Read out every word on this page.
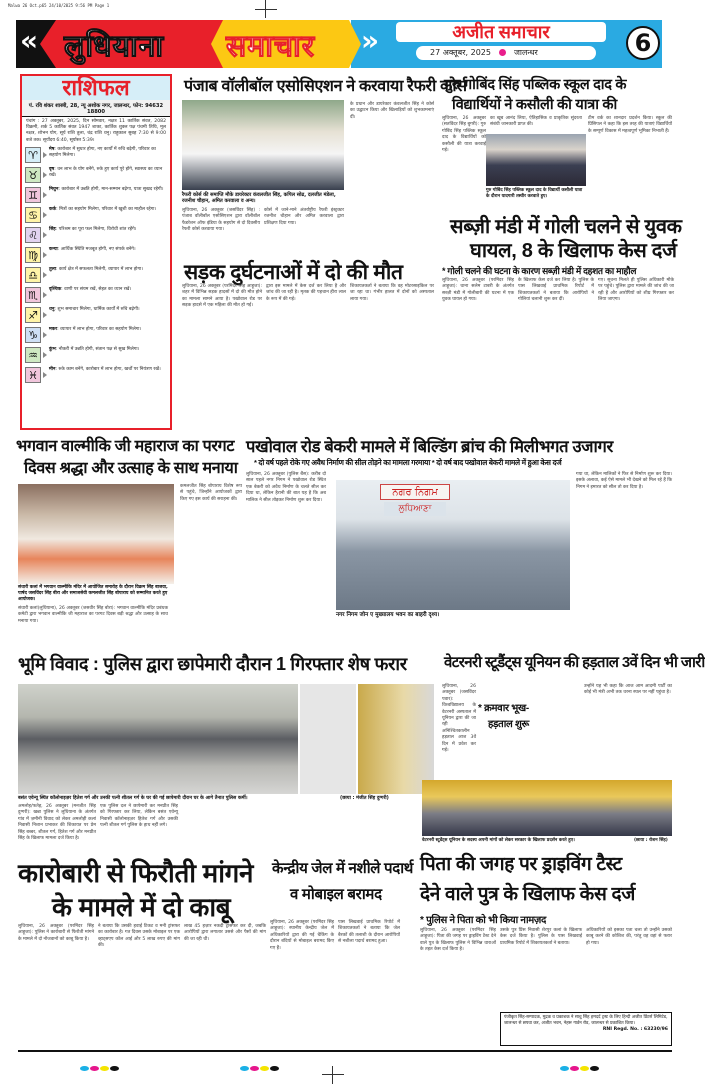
Malwa 26 Oct.p65 24/10/2025 9:56 PM Page 1
« लुधियाना समाचार »	अजीत समाचार
27 अक्तूबर, 2025	जालन्धर	6
राशिफल
पं. रवि शंकर शास्त्री, 28, न्यू अशोक नगर, जालन्धर, फोन: 94632 18800
पंचांग : 27 अक्तूबर, 2025, दिन सोमवार, नक्षत्र 11 कार्तिक संवत, 2082 विक्रमी, शर्क 5 कार्तिक संवत 1947 शाका, कार्तिक शुक्ल पक्ष पंचमी तिथि, मूल नक्षत्र, शोभन योग, सूर्य राशि तुला, चंद्र राशि धनु। राहुकाल सुबह 7:30 से 9:00 बजे तक। सूर्योदय 6:40, सूर्यास्त 5:39।
♈	मेष: कारोबार में सुधार होगा, नए कार्यों में रुचि बढ़ेगी, परिवार का सहयोग मिलेगा।
♉	वृष: धन लाभ के योग बनेंगे, रुके हुए कार्य पूरे होंगे, स्वास्थ्य का ध्यान रखें।
♊	मिथुन: कारोबार में उन्नति होगी, मान-सम्मान बढ़ेगा, यात्रा सुखद रहेगी।
♋	कर्क: मित्रों का सहयोग मिलेगा, परिवार में खुशी का माहौल रहेगा।
♌	सिंह: परिश्रम का पूरा फल मिलेगा, विरोधी शांत रहेंगे।
♍	कन्या: आर्थिक स्थिति मजबूत होगी, नए संपर्क बनेंगे।
♎	तुला: कार्य क्षेत्र में सफलता मिलेगी, व्यापार में लाभ होगा।
♏	वृश्चिक: वाणी पर संयम रखें, सेहत का ध्यान रखें।
♐	धनु: शुभ समाचार मिलेगा, धार्मिक कार्यों में रुचि बढ़ेगी।
♑	मकर: व्यापार में लाभ होगा, परिवार का सहयोग मिलेगा।
♒	कुंभ: नौकरी में उन्नति होगी, संतान पक्ष से सुख मिलेगा।
♓	मीन: रुके काम बनेंगे, कारोबार में लाभ होगा, खर्चों पर नियंत्रण रखें।
पंजाब वॉलीबॉल एसोसिएशन ने करवाया रैफरी कोर्स
रैफरी कोर्स की समाप्ति मौके डायरेक्टर कंवलजीत सिंह, कपिल सोढ, दलजीत मंडेला, रजनीश चौहान, अमित करवाला व अन्य।
लुधियाना, 26 अक्तूबर (जसविंदर सिंह) : पंजाब वॉलीबॉल एसोसिएशन द्वारा वॉलीबॉल फैडरेशन ऑफ इंडिया के सहयोग से दो दिवसीय रैफरी कोर्स करवाया गया।
कोर्स में जाने-माने अंतर्राष्ट्रीय रैफरी इंस्ट्रक्टर रजनीश चौहान और अमित करवाला द्वारा प्रशिक्षण दिया गया।
के प्रधान और डायरेक्टर कंवलजीत सिंह ने कोर्स का उद्घाटन किया और खिलाड़ियों को शुभकामनाएं दीं।
गुरु गोबिंद सिंह पब्लिक स्कूल दाद के
विद्यार्थियों ने कसौली की यात्रा की
लुधियाना, 26 अक्तूबर (सतविंदर सिंह बुगरी): गुरु गोबिंद सिंह पब्लिक स्कूल दाद के विद्यार्थियों को कसौली की यात्रा करवाई गई।
का खूब आनंद लिया, ऐतिहासिक व प्राकृतिक सुंदरता संबंधी जानकारी प्राप्त की।
गुरु गोबिंद सिंह पब्लिक स्कूल दाद के विद्यार्थी कसौली यात्रा के दौरान यादगारी तस्वीर करवाते हुए।
टीम वर्क का शानदार प्रदर्शन किया। स्कूल की प्रिंसिपल ने कहा कि इस तरह की यात्राएं विद्यार्थियों के सम्पूर्ण विकास में महत्वपूर्ण भूमिका निभाती हैं।
सब्ज़ी मंडी में गोली चलने से युवक
घायल, 8 के खिलाफ केस दर्ज
* गोली चलने की घटना के कारण सब्ज़ी मंडी में दहशत का माहौल
लुधियाना, 26 अक्तूबर (परमिंदर सिंह आहूजा): थाना सलेम टाबरी के अंतर्गत सब्ज़ी मंडी में गोलीबारी की घटना में एक युवक घायल हो गया।
के खिलाफ केस दर्ज कर लिया है। पुलिस के पास लिखवाई प्राथमिक रिपोर्ट में शिकायतकर्ता ने बताया कि आरोपियों ने गोलियां चलानी शुरू कर दीं।
गए। सूचना मिलते ही पुलिस अधिकारी मौके पर पहुंचे। पुलिस द्वारा मामले की जांच की जा रही है और आरोपियों को शीघ्र गिरफ्तार कर लिया जाएगा।
सड़क दुर्घटनाओं में दो की मौत
लुधियाना, 26 अक्तूबर (परमिंदर सिंह आहूजा): शहर में विभिन्न सड़क हादसों में दो की मौत होने का मामला सामने आया है। पखोवाल रोड पर सड़क हादसे में एक महिला की मौत हो गई।
द्वारा इस मामले में केस दर्ज कर लिया है और जांच की जा रही है। मृतक की पहचान हीरा लाल के रूप में की गई।
शिकायतकर्ता ने बताया कि वह मोटरसाइकिल पर जा रहा था। गंभीर हालत में दोनों को अस्पताल लाया गया।
भगवान वाल्मीकि जी महाराज का परगट
दिवस श्रद्धा और उत्साह के साथ मनाया
संधारी कलां में भगवान वाल्मीकि मंदिर में आयोजित समारोह के दौरान विक्रम सिंह बाजवा, पार्षद जसविंदर सिंह बीरा और समाजसेवी कमलजीत सिंह बोपाराय को सम्मानित करते हुए आयोजक।
संधारी कलां(लुधियाना), 26 अक्तूबर (जसवीर सिंह बोरा): भगवान वाल्मीकि मंदिर प्रबंधक कमेटी द्वारा भगवान वाल्मीकि जी महाराज का परगट दिवस बड़ी श्रद्धा और उत्साह के साथ मनाया गया।
कमलजीत सिंह बोपाराय विशेष रूप से पहुंचे, जिन्होंने आयोजकों द्वारा किए गए इस कार्य की सराहना की।
पखोवाल रोड बेकरी मामले में बिल्डिंग ब्रांच की मिलीभगत उजागर
* दो वर्ष पहले रोके गए अवैध निर्माण की सील तोड़ने का मामला गरमाया * दो वर्ष बाद पखोवाल बेकरी मामले में हुआ केस दर्ज
लुधियाना, 26 अक्तूबर (पुलिस बैंस): करीब दो साल पहले नगर निगम ने पखोवाल रोड स्थित एक बेकरी को अवैध निर्माण के चलते सील कर दिया था, लेकिन हैरानी की बात यह है कि अब मालिक ने सील तोड़कर निर्माण शुरू कर दिया।
ਨਗਰ ਨਿਗਮ
ਲੁਧਿਆਣਾ
नगर निगम जोन ए मुख्यालय भवन का बाहरी दृश्य।
गया था, लेकिन मालिकों ने फिर से निर्माण शुरू कर दिया। इसके अलावा, कई ऐसे मामले भी देखने को मिल रहे हैं कि निगम ने इमारत को सील तो कर दिया है।
भूमि विवाद : पुलिस द्वारा छापेमारी दौरान 1 गिरफ्तार शेष फरार
बसंत एवेन्यू स्थित कॉलोनाइज़र हितेश गर्ग और उनकी पत्नी शीतल गर्ग के घर की गई छापेमारी दौरान घर के आगे तैनात पुलिस कर्मी।	(छाया : मंजीत सिंह दुग्गरी)
अमलोह/फतेह, 26 अक्तूबर (मनजीत सिंह दुग्गरी): खन्ना पुलिस ने लुधियाना के अंतर्गत गांव में ज़मीनी विवाद को लेकर अमलोही कलां निवासी निशान प्रभाकर की शिकायत पर प्रेम सिंह बब्बर, शीतल गर्ग, हितेश गर्ग और मनप्रीत सिंह के खिलाफ मामला दर्ज किया है।
एक पुलिस दल ने छापेमारी कर मनप्रीत सिंह को गिरफ्तार कर लिया, लेकिन बसंत एवेन्यू निवासी कॉलोनाइज़र हितेश गर्ग और उसकी पत्नी शीतल गर्ग पुलिस के हाथ नहीं लगे।
वेटरनरी स्टूडैंट्स यूनियन की हड़ताल 3वें दिन भी जारी
लुधियाना, 26 अक्तूबर (जसविंदर पवार): विश्वविद्यालय के वेटरनरी अस्पताल में यूनियन द्वारा की जा रही अनिश्चितकालीन हड़ताल आज 3वें दिन में प्रवेश कर गई।
* क्रमवार भूख-
हड़ताल शुरू
उन्होंने यह भी कहा कि आज आम आदमी पार्टी का कोई भी मंत्री अभी तक धरना स्थल पर नहीं पहुंचा है।
वेटरनरी स्टूडेंट्स यूनियन के सदस्य अपनी मांगों को लेकर सरकार के खिलाफ प्रदर्शन करते हुए।	(छाया : रोशन सिंह)
कारोबारी से फिरौती मांगने
के मामले में दो काबू
लुधियाना, 26 अक्तूबर (परमिंदर सिंह आहूजा): पुलिस ने कारोबारी से फिरौती मांगने के मामले में दो नौजवानों को काबू किया है।
ने बताया कि उसकी हवाई टिकट व मनी ट्रांसफर का कारोबार है। गत दिवस उसके मोबाइल पर एक व्हाट्सएप कॉल आई और 5 लाख रुपए की मांग की।
लाख 45 हज़ार नकदी ट्रांसफर कर दी, जबकि आरोपियों द्वारा लगातार उससे और पैसों की मांग की जा रही थी।
केन्द्रीय जेल में नशीले पदार्थ
व मोबाइल बरामद
लुधियाना, 26 अक्तूबर (परमिंदर सिंह आहूजा): स्थानीय केन्द्रीय जेल में अधिकारियों द्वारा की गई चैकिंग के दौरान बंदियों से मोबाइल बरामद किए गए हैं।
पास लिखवाई प्राथमिक रिपोर्ट में शिकायतकर्ता ने बताया कि जेल बैरकों की तलाशी के दौरान आरोपियों से नशीला पदार्थ बरामद हुआ।
पिता की जगह पर ड्राइविंग टैस्ट
देने वाले पुत्र के खिलाफ केस दर्ज
* पुलिस ने पिता को भी किया नामज़द
लुधियाना, 26 अक्तूबर (परमिंदर सिंह आहूजा): पिता की जगह पर ड्राइविंग टैस्ट देने वाले पुत्र के खिलाफ पुलिस ने विभिन्न धाराओं के तहत केस दर्ज किया है।
उसके पुत्र प्रिंस निवासी शेरपुर कलां के खिलाफ केस दर्ज किया है। पुलिस के पास लिखवाई प्राथमिक रिपोर्ट में शिकायतकर्ता ने बताया।
अधिकारियों को इसका पता चला तो उन्होंने उसको काबू करने की कोशिश की, परंतु वह वहां से फरार हो गया।
पंजीकृत सिंह-सम्पादक, मुद्रक व प्रकाशक ने साधु सिंह हमदर्द ट्रस्ट के लिए हिन्दी अजीत प्रिंटर्स लिमिटेड, जालन्धर से छपवा कर, अजीत भवन, नेहरू गार्डन रोड, जालन्धर से प्रकाशित किया।
RNI Regd. No. : 63230/96
